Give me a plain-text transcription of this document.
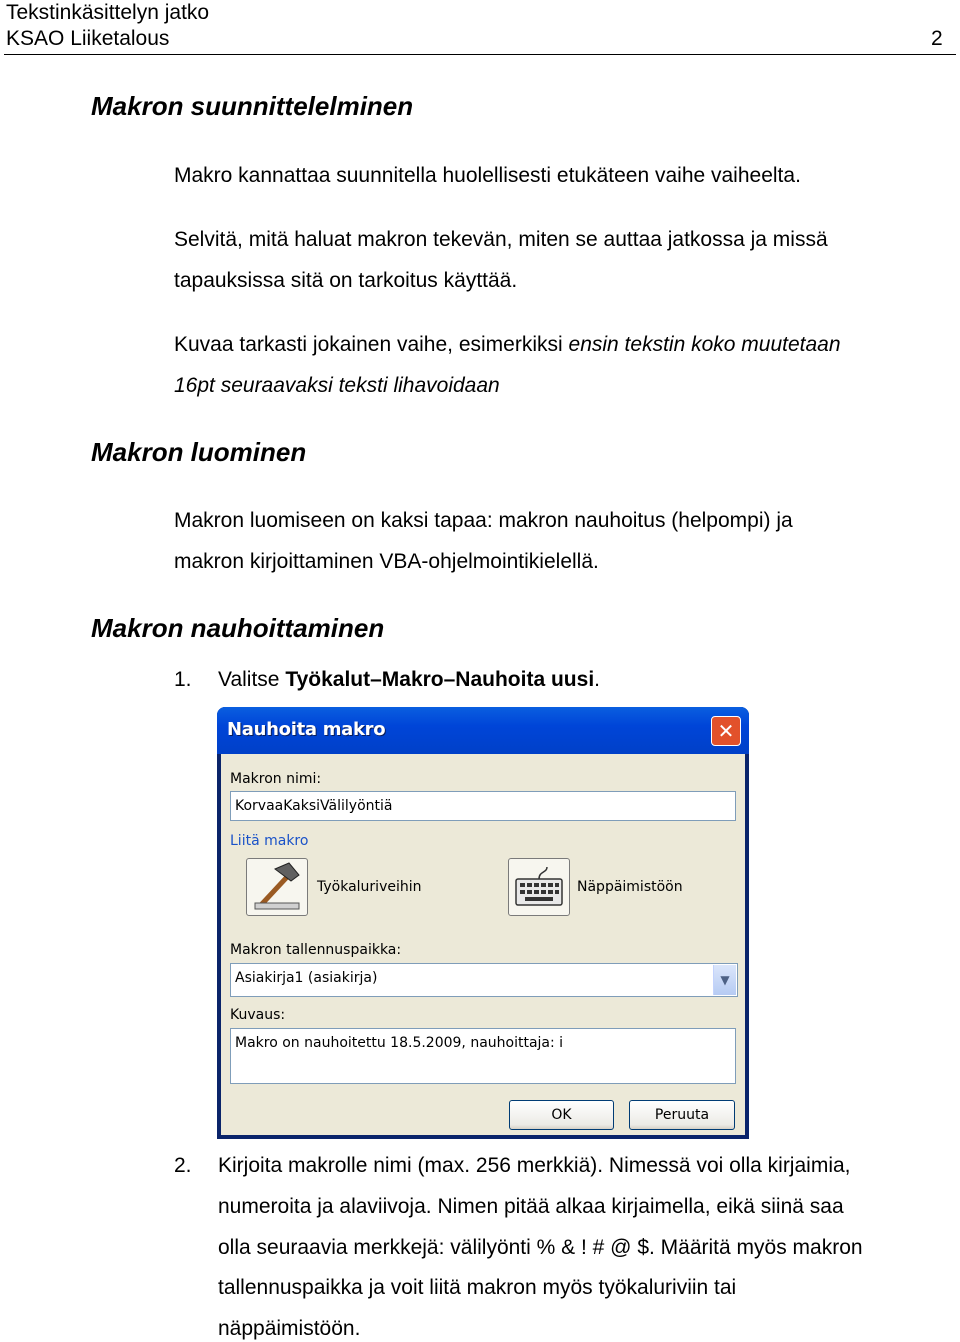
Tekstinkäsittelyn jatko
KSAO Liiketalous	2
Makron suunnittelelminen
Makro kannattaa suunnitella huolellisesti etukäteen vaihe vaiheelta.
Selvitä, mitä haluat makron tekevän, miten se auttaa jatkossa ja missä
tapauksissa sitä on tarkoitus käyttää.
Kuvaa tarkasti jokainen vaihe, esimerkiksi ensin tekstin koko muutetaan
16pt seuraavaksi teksti lihavoidaan
Makron luominen
Makron luomiseen on kaksi tapaa: makron nauhoitus (helpompi) ja
makron kirjoittaminen VBA-ohjelmointikielellä.
Makron nauhoittaminen
1. Valitse Työkalut–Makro–Nauhoita uusi.
Nauhoita makro	✕
Makron nimi:
KorvaaKaksiVälilyöntiä
Liitä makro
Työkaluriveihin	Näppäimistöön
Makron tallennuspaikka:
Asiakirja1 (asiakirja)	▼
Kuvaus:
Makro on nauhoitettu 18.5.2009, nauhoittaja: i
OK	Peruuta
2. Kirjoita makrolle nimi (max. 256 merkkiä). Nimessä voi olla kirjaimia,
numeroita ja alaviivoja. Nimen pitää alkaa kirjaimella, eikä siinä saa
olla seuraavia merkkejä: välilyönti % & ! # @ $. Määritä myös makron
tallennuspaikka ja voit liitä makron myös työkaluriviin tai
näppäimistöön.
